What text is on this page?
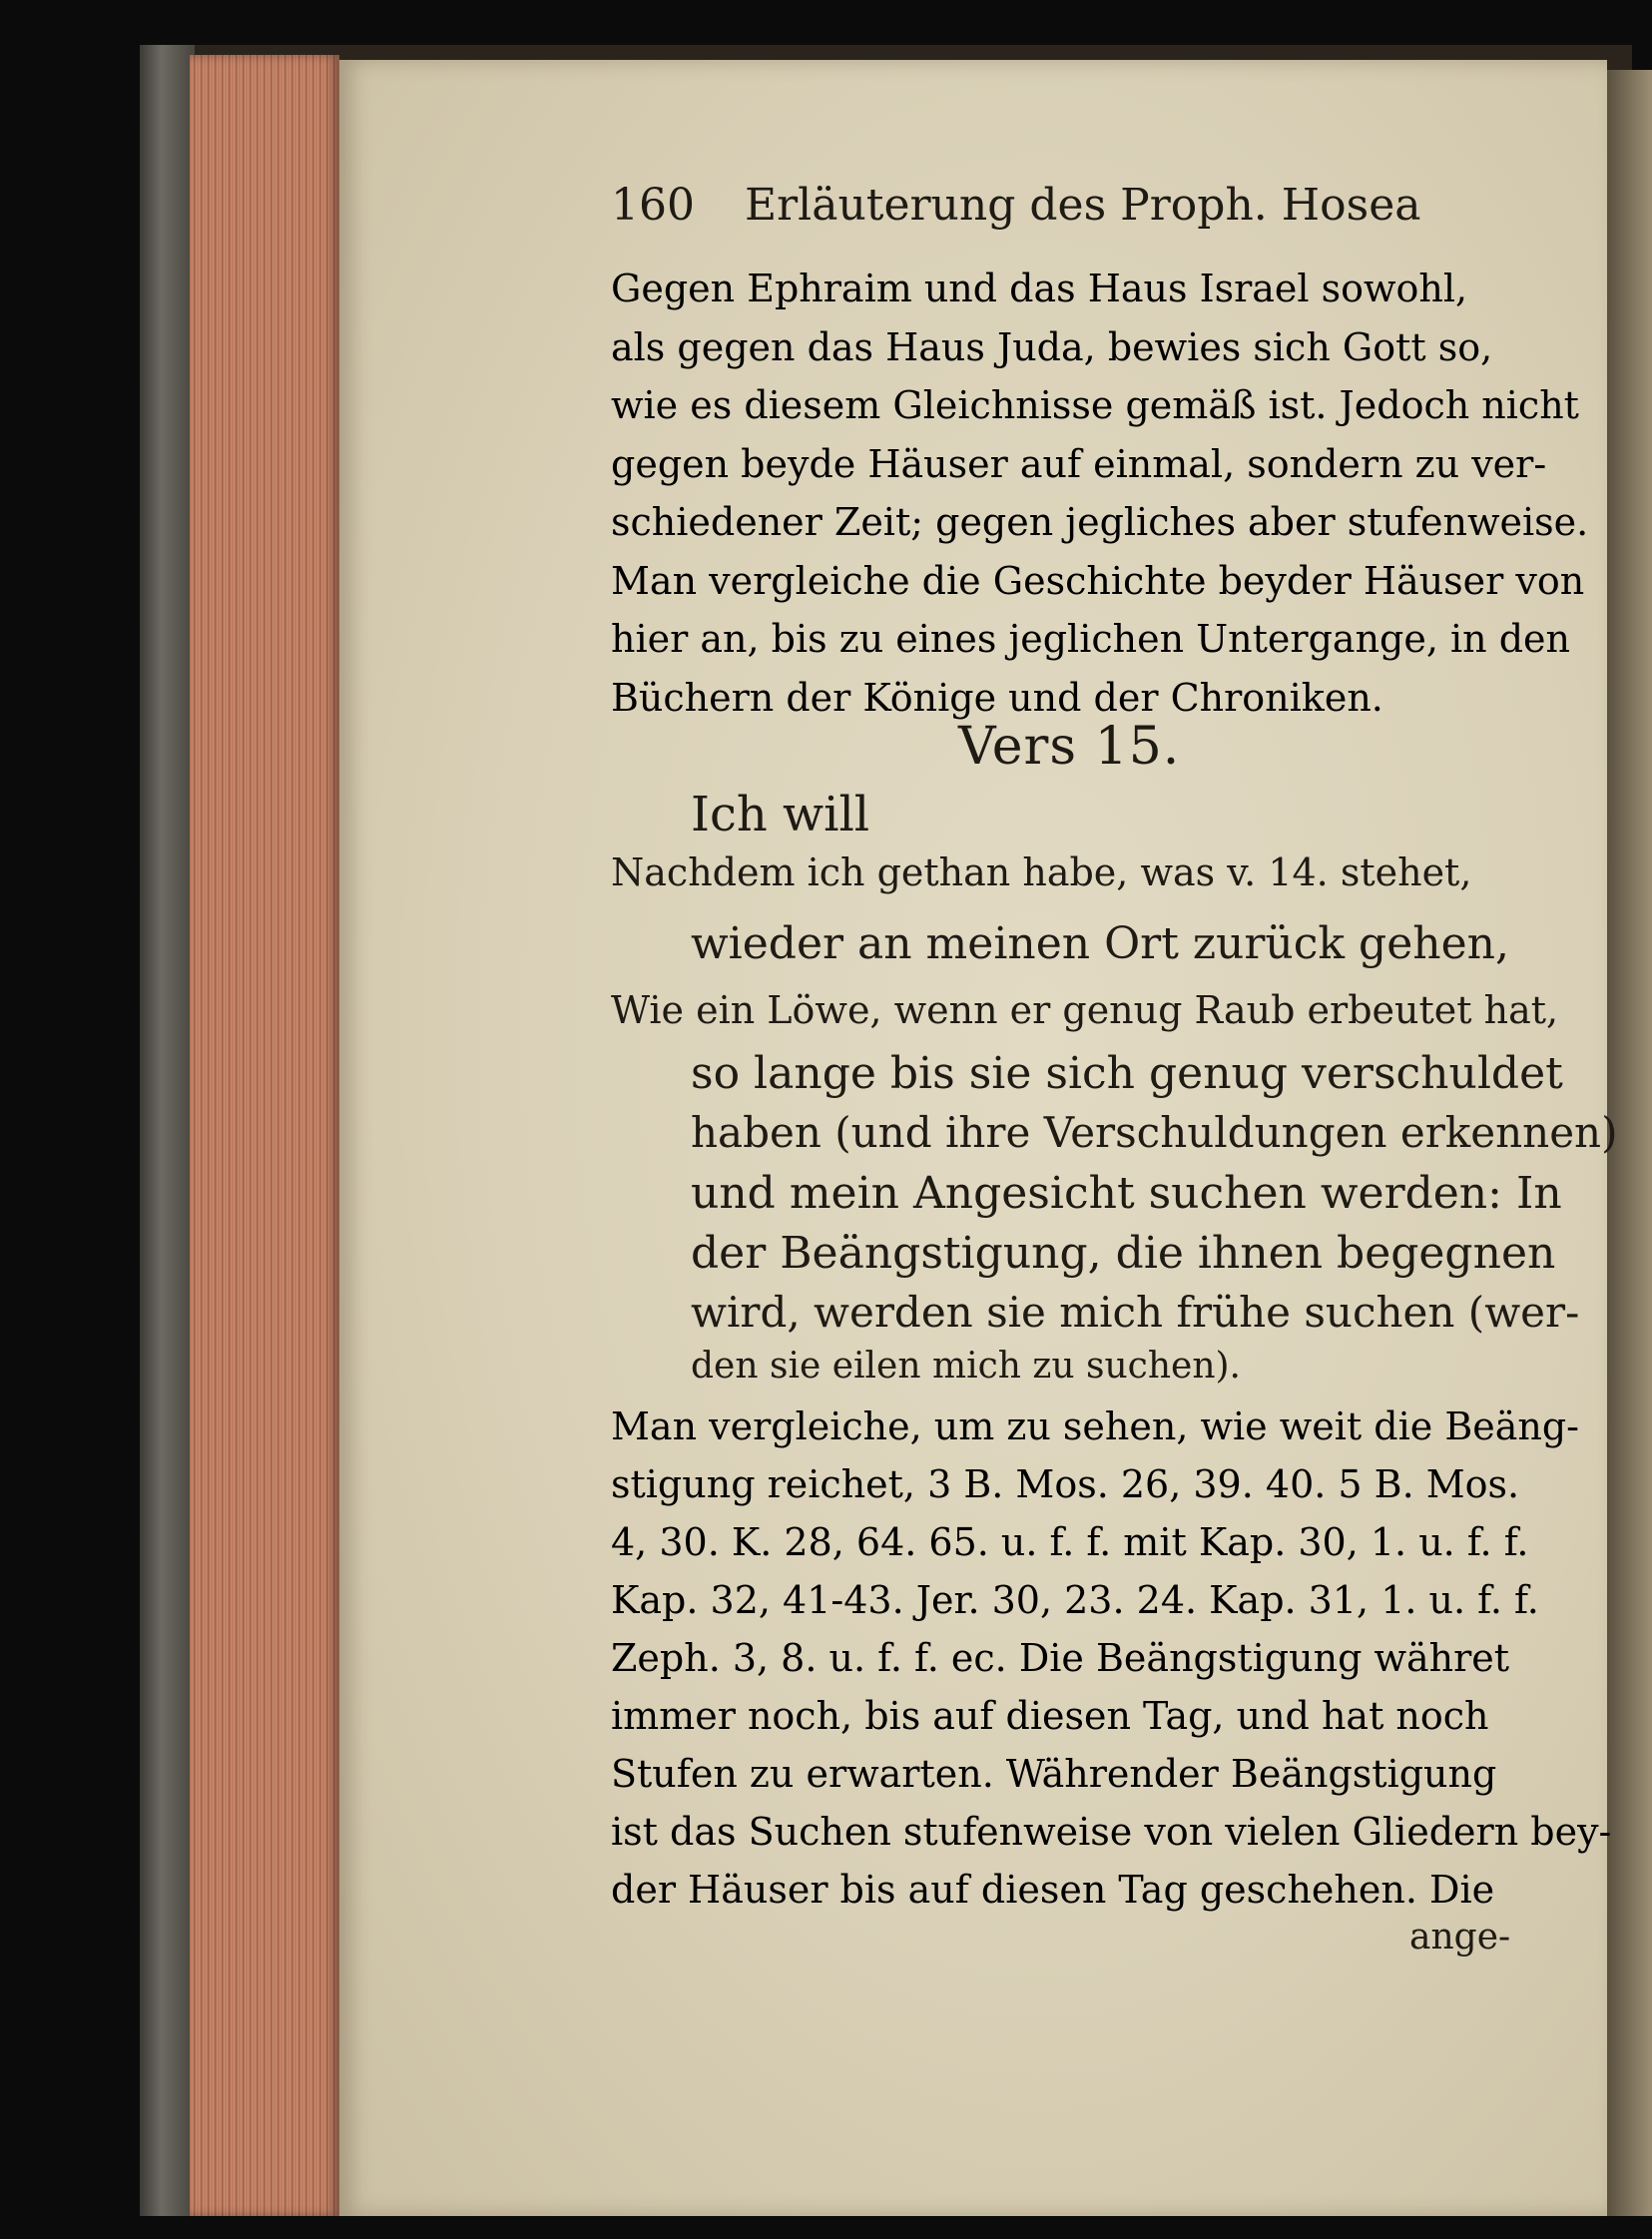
160 Erläuterung des Proph. Hosea
Gegen Ephraim und das Haus Israel sowohl,
als gegen das Haus Juda, bewies sich Gott so,
wie es diesem Gleichnisse gemäß ist. Jedoch nicht
gegen beyde Häuser auf einmal, sondern zu ver-
schiedener Zeit; gegen jegliches aber stufenweise.
Man vergleiche die Geschichte beyder Häuser von
hier an, bis zu eines jeglichen Untergange, in den
Büchern der Könige und der Chroniken.
Vers 15.
Ich will
Nachdem ich gethan habe, was v. 14. stehet,
wieder an meinen Ort zurück gehen,
Wie ein Löwe, wenn er genug Raub erbeutet hat,
so lange bis sie sich genug verschuldet
haben (und ihre Verschuldungen erkennen)
und mein Angesicht suchen werden: In
der Beängstigung, die ihnen begegnen
wird, werden sie mich frühe suchen (wer-
den sie eilen mich zu suchen).
Man vergleiche, um zu sehen, wie weit die Beäng-
stigung reichet, 3 B. Mos. 26, 39. 40. 5 B. Mos.
4, 30. K. 28, 64. 65. u. f. f. mit Kap. 30, 1. u. f. f.
Kap. 32, 41-43. Jer. 30, 23. 24. Kap. 31, 1. u. f. f.
Zeph. 3, 8. u. f. f. ec. Die Beängstigung währet
immer noch, bis auf diesen Tag, und hat noch
Stufen zu erwarten. Währender Beängstigung
ist das Suchen stufenweise von vielen Gliedern bey-
der Häuser bis auf diesen Tag geschehen. Die
ange-
